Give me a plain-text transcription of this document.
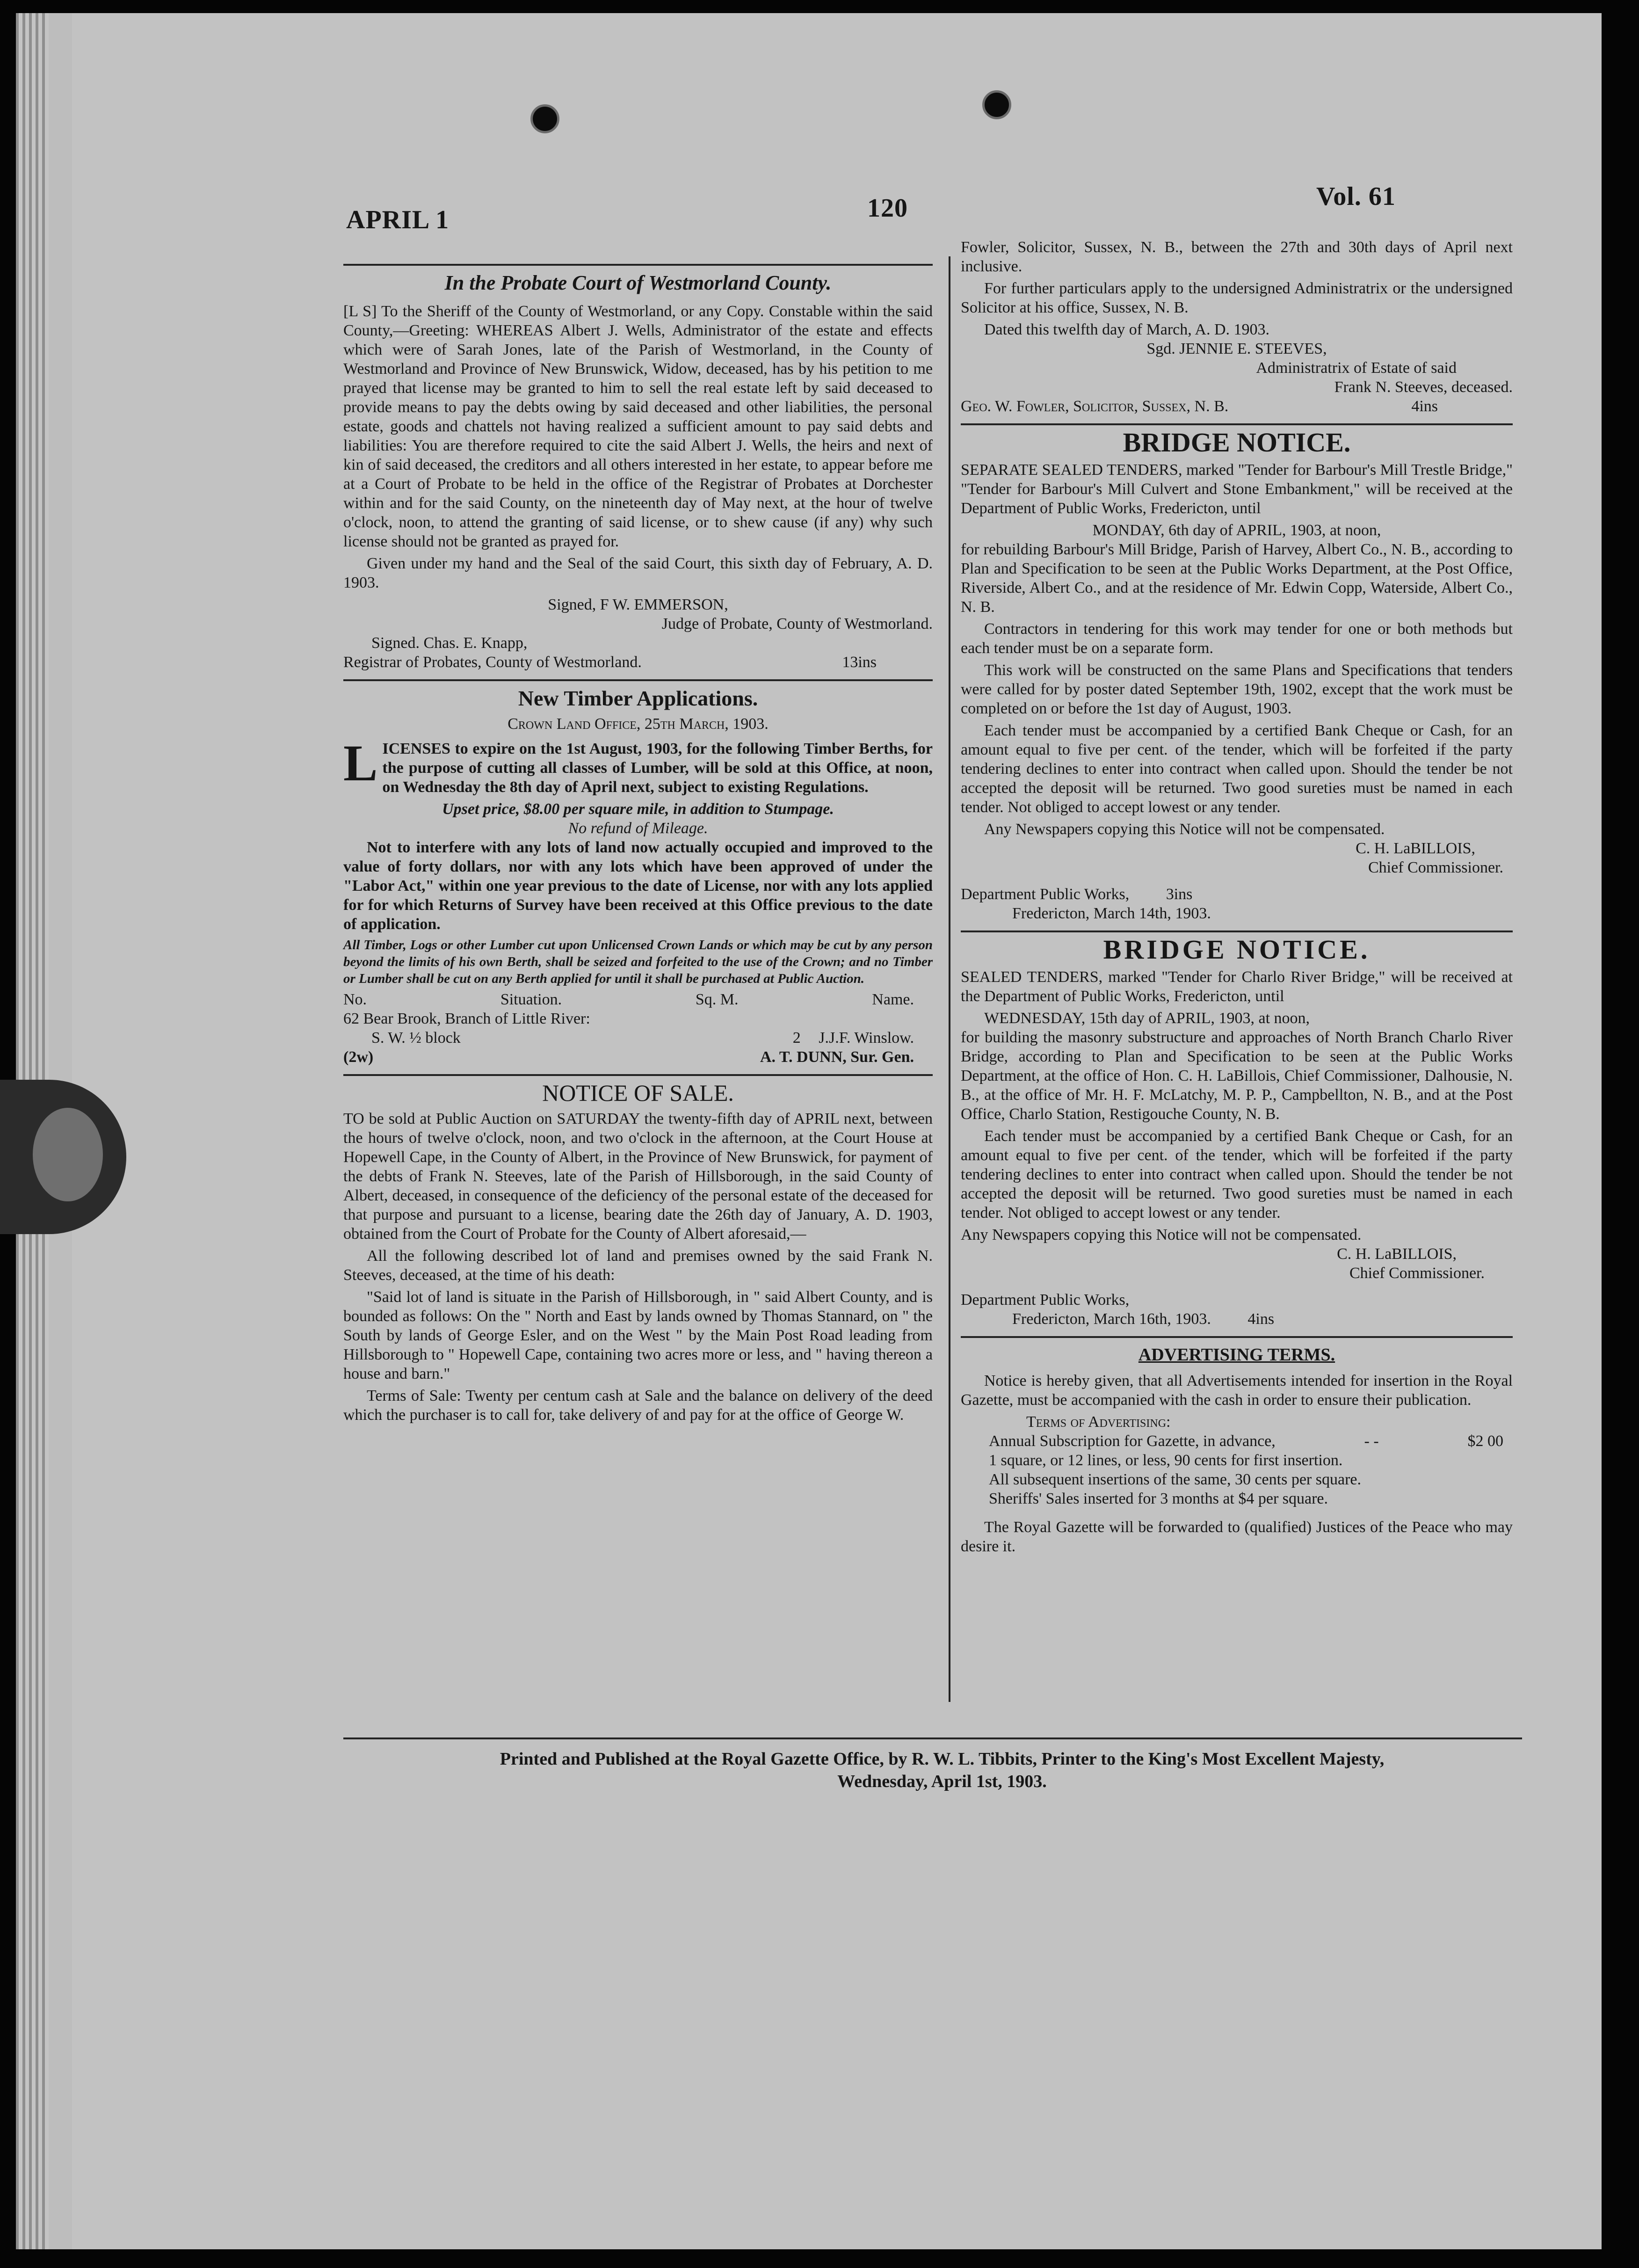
APRIL 1	120	Vol. 61
In the Probate Court of Westmorland County.

[L S] To the Sheriff of the County of Westmorland, or any Copy. Constable within the said County,—Greeting: WHEREAS Albert J. Wells, Administrator of the estate and effects which were of Sarah Jones, late of the Parish of Westmorland, in the County of Westmorland and Province of New Brunswick, Widow, deceased, has by his petition to me prayed that license may be granted to him to sell the real estate left by said deceased to provide means to pay the debts owing by said deceased and other liabilities, the personal estate, goods and chattels not having realized a sufficient amount to pay said debts and liabilities: You are therefore required to cite the said Albert J. Wells, the heirs and next of kin of said deceased, the creditors and all others interested in her estate, to appear before me at a Court of Probate to be held in the office of the Registrar of Probates at Dorchester within and for the said County, on the nineteenth day of May next, at the hour of twelve o'clock, noon, to attend the granting of said license, or to shew cause (if any) why such license should not be granted as prayed for.

Given under my hand and the Seal of the said Court, this sixth day of February, A. D. 1903.

Signed, F W. EMMERSON,
Judge of Probate, County of Westmorland.
Signed. Chas. E. Knapp,
Registrar of Probates, County of Westmorland.	13ins
New Timber Applications.
Crown Land Office, 25th March, 1903.

LICENSES to expire on the 1st August, 1903, for the following Timber Berths, for the purpose of cutting all classes of Lumber, will be sold at this Office, at noon, on Wednesday the 8th day of April next, subject to existing Regulations.

Upset price, $8.00 per square mile, in addition to Stumpage.
No refund of Mileage.

Not to interfere with any lots of land now actually occupied and improved to the value of forty dollars, nor with any lots which have been approved of under the "Labor Act," within one year previous to the date of License, nor with any lots applied for for which Returns of Survey have been received at this Office previous to the date of application.

All Timber, Logs or other Lumber cut upon Unlicensed Crown Lands or which may be cut by any person beyond the limits of his own Berth, shall be seized and forfeited to the use of the Crown; and no Timber or Lumber shall be cut on any Berth applied for until it shall be purchased at Public Auction.

No.	Situation.	Sq. M.	Name.
62 Bear Brook, Branch of Little River:
S. W. ½ block	2 J.J.F. Winslow.
(2w)	A. T. DUNN, Sur. Gen.
NOTICE OF SALE.

TO be sold at Public Auction on SATURDAY the twenty-fifth day of APRIL next, between the hours of twelve o'clock, noon, and two o'clock in the afternoon, at the Court House at Hopewell Cape, in the County of Albert, in the Province of New Brunswick, for payment of the debts of Frank N. Steeves, late of the Parish of Hillsborough, in the said County of Albert, deceased, in consequence of the deficiency of the personal estate of the deceased for that purpose and pursuant to a license, bearing date the 26th day of January, A. D. 1903, obtained from the Court of Probate for the County of Albert aforesaid,—

All the following described lot of land and premises owned by the said Frank N. Steeves, deceased, at the time of his death:

"Said lot of land is situate in the Parish of Hillsborough, in " said Albert County, and is bounded as follows: On the " North and East by lands owned by Thomas Stannard, on " the South by lands of George Esler, and on the West " by the Main Post Road leading from Hillsborough to " Hopewell Cape, containing two acres more or less, and " having thereon a house and barn."

Terms of Sale: Twenty per centum cash at Sale and the balance on delivery of the deed which the purchaser is to call for, take delivery of and pay for at the office of George W.

Fowler, Solicitor, Sussex, N. B., between the 27th and 30th days of April next inclusive.

For further particulars apply to the undersigned Administratrix or the undersigned Solicitor at his office, Sussex, N. B.

Dated this twelfth day of March, A. D. 1903.
Sgd. JENNIE E. STEEVES,
Administratrix of Estate of said
Frank N. Steeves, deceased.
Geo. W. Fowler, Solicitor, Sussex, N. B.	4ins
BRIDGE NOTICE.

SEPARATE SEALED TENDERS, marked "Tender for Barbour's Mill Trestle Bridge," "Tender for Barbour's Mill Culvert and Stone Embankment," will be received at the Department of Public Works, Fredericton, until

MONDAY, 6th day of APRIL, 1903, at noon,

for rebuilding Barbour's Mill Bridge, Parish of Harvey, Albert Co., N. B., according to Plan and Specification to be seen at the Public Works Department, at the Post Office, Riverside, Albert Co., and at the residence of Mr. Edwin Copp, Waterside, Albert Co., N. B.

Contractors in tendering for this work may tender for one or both methods but each tender must be on a separate form.

This work will be constructed on the same Plans and Specifications that tenders were called for by poster dated September 19th, 1902, except that the work must be completed on or before the 1st day of August, 1903.

Each tender must be accompanied by a certified Bank Cheque or Cash, for an amount equal to five per cent. of the tender, which will be forfeited if the party tendering declines to enter into contract when called upon. Should the tender be not accepted the deposit will be returned. Two good sureties must be named in each tender. Not obliged to accept lowest or any tender.

Any Newspapers copying this Notice will not be compensated.
C. H. LaBILLOIS,
Chief Commissioner.
Department Public Works, 3ins
Fredericton, March 14th, 1903.
BRIDGE NOTICE.

SEALED TENDERS, marked "Tender for Charlo River Bridge," will be received at the Department of Public Works, Fredericton, until

WEDNESDAY, 15th day of APRIL, 1903, at noon,

for building the masonry substructure and approaches of North Branch Charlo River Bridge, according to Plan and Specification to be seen at the Public Works Department, at the office of Hon. C. H. LaBillois, Chief Commissioner, Dalhousie, N. B., at the office of Mr. H. F. McLatchy, M. P. P., Campbellton, N. B., and at the Post Office, Charlo Station, Restigouche County, N. B.

Each tender must be accompanied by a certified Bank Cheque or Cash, for an amount equal to five per cent. of the tender, which will be forfeited if the party tendering declines to enter into contract when called upon. Should the tender be not accepted the deposit will be returned. Two good sureties must be named in each tender. Not obliged to accept lowest or any tender.

Any Newspapers copying this Notice will not be compensated.
C. H. LaBILLOIS,
Chief Commissioner.
Department Public Works,
Fredericton, March 16th, 1903. 4ins
ADVERTISING TERMS.

Notice is hereby given, that all Advertisements intended for insertion in the Royal Gazette, must be accompanied with the cash in order to ensure their publication.

Terms of Advertising:
Annual Subscription for Gazette, in advance,	- -	$2 00
1 square, or 12 lines, or less, 90 cents for first insertion.
All subsequent insertions of the same, 30 cents per square.
Sheriffs' Sales inserted for 3 months at $4 per square.

The Royal Gazette will be forwarded to (qualified) Justices of the Peace who may desire it.

Printed and Published at the Royal Gazette Office, by R. W. L. Tibbits, Printer to the King's Most Excellent Majesty,
Wednesday, April 1st, 1903.
